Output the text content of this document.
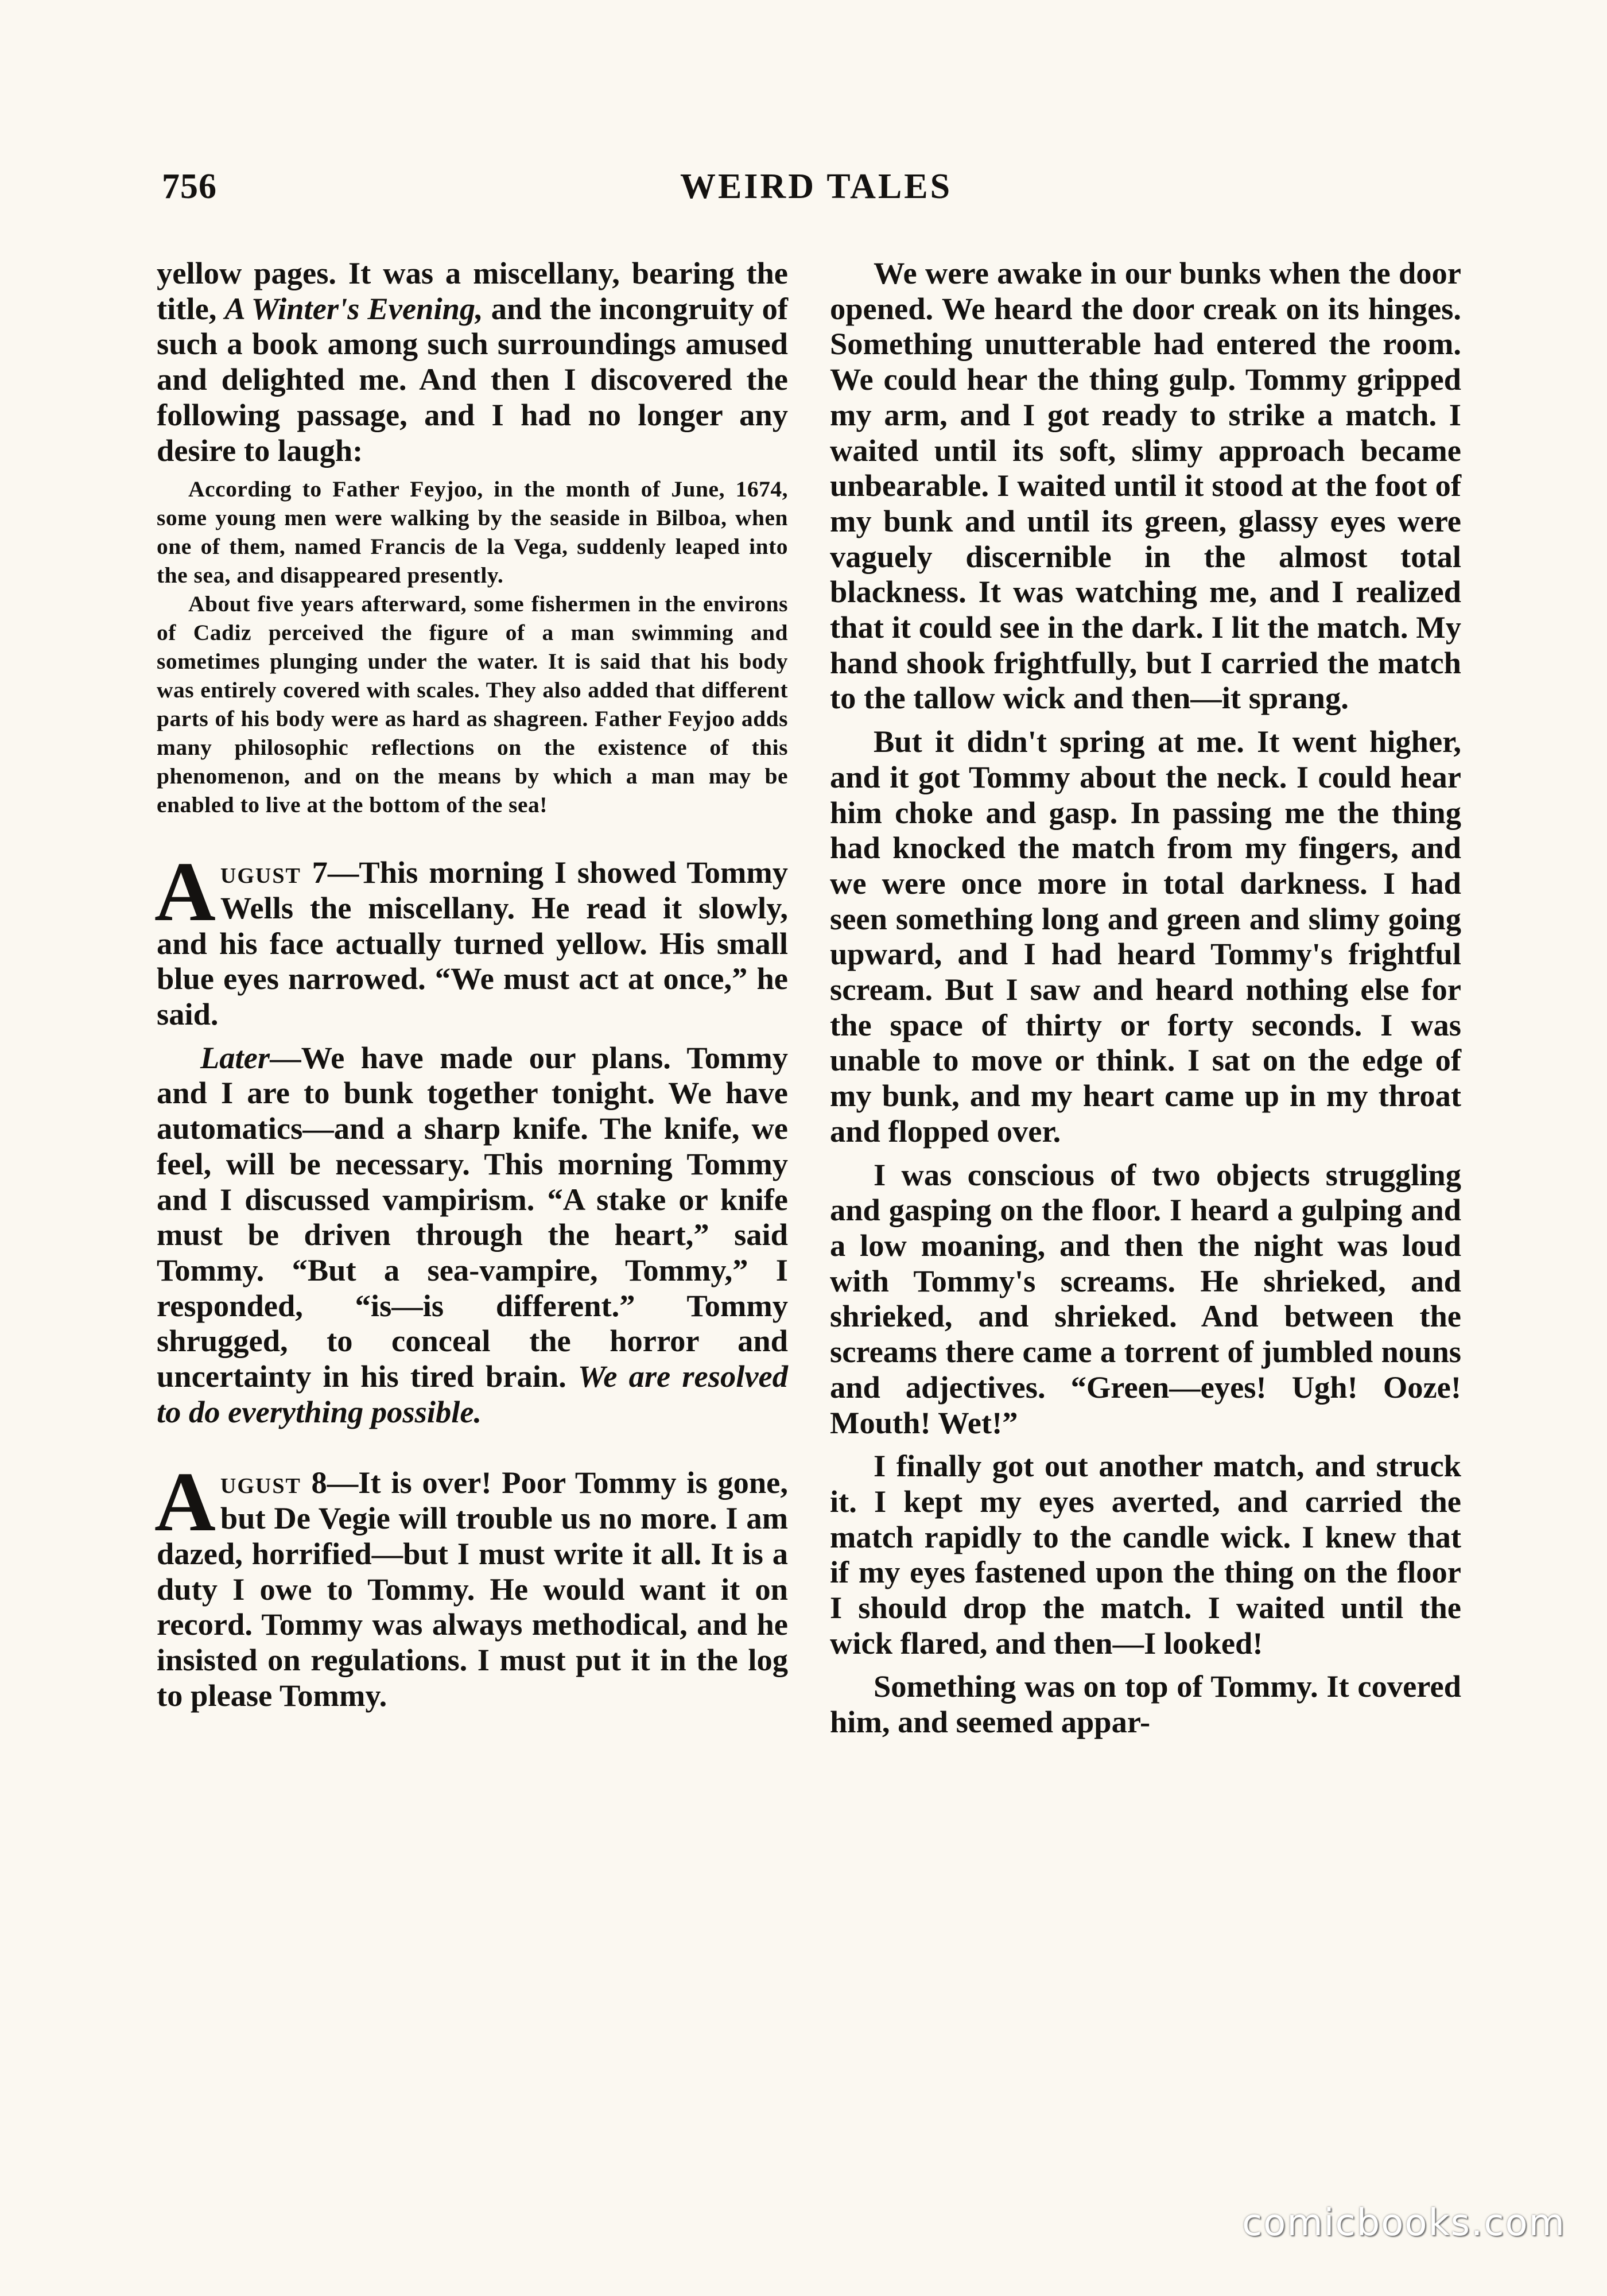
756	WEIRD TALES

yellow pages. It was a miscellany, bearing the title, A Winter's Evening, and the incongruity of such a book among such surroundings amused and delighted me. And then I discovered the following passage, and I had no longer any desire to laugh:

According to Father Feyjoo, in the month of June, 1674, some young men were walking by the seaside in Bilboa, when one of them, named Francis de la Vega, suddenly leaped into the sea, and disappeared presently.

About five years afterward, some fishermen in the environs of Cadiz perceived the figure of a man swimming and sometimes plunging under the water. It is said that his body was entirely covered with scales. They also added that different parts of his body were as hard as shagreen. Father Feyjoo adds many philosophic reflections on the existence of this phenomenon, and on the means by which a man may be enabled to live at the bottom of the sea!

August 7—This morning I showed Tommy Wells the miscellany. He read it slowly, and his face actually turned yellow. His small blue eyes narrowed. “We must act at once,” he said.

Later—We have made our plans. Tommy and I are to bunk together tonight. We have automatics—and a sharp knife. The knife, we feel, will be necessary. This morning Tommy and I discussed vampirism. “A stake or knife must be driven through the heart,” said Tommy. “But a sea-vampire, Tommy,” I responded, “is—is different.” Tommy shrugged, to conceal the horror and uncertainty in his tired brain. We are resolved to do everything possible.

August 8—It is over! Poor Tommy is gone, but De Vegie will trouble us no more. I am dazed, horrified—but I must write it all. It is a duty I owe to Tommy. He would want it on record. Tommy was always methodical, and he insisted on regulations. I must put it in the log to please Tommy.

We were awake in our bunks when the door opened. We heard the door creak on its hinges. Something unutterable had entered the room. We could hear the thing gulp. Tommy gripped my arm, and I got ready to strike a match. I waited until its soft, slimy approach became unbearable. I waited until it stood at the foot of my bunk and until its green, glassy eyes were vaguely discernible in the almost total blackness. It was watching me, and I realized that it could see in the dark. I lit the match. My hand shook frightfully, but I carried the match to the tallow wick and then—it sprang.

But it didn't spring at me. It went higher, and it got Tommy about the neck. I could hear him choke and gasp. In passing me the thing had knocked the match from my fingers, and we were once more in total darkness. I had seen something long and green and slimy going upward, and I had heard Tommy's frightful scream. But I saw and heard nothing else for the space of thirty or forty seconds. I was unable to move or think. I sat on the edge of my bunk, and my heart came up in my throat and flopped over.

I was conscious of two objects struggling and gasping on the floor. I heard a gulping and a low moaning, and then the night was loud with Tommy's screams. He shrieked, and shrieked, and shrieked. And between the screams there came a torrent of jumbled nouns and adjectives. “Green—eyes! Ugh! Ooze! Mouth! Wet!”

I finally got out another match, and struck it. I kept my eyes averted, and carried the match rapidly to the candle wick. I knew that if my eyes fastened upon the thing on the floor I should drop the match. I waited until the wick flared, and then—I looked!

Something was on top of Tommy. It covered him, and seemed appar-

comicbooks.com
